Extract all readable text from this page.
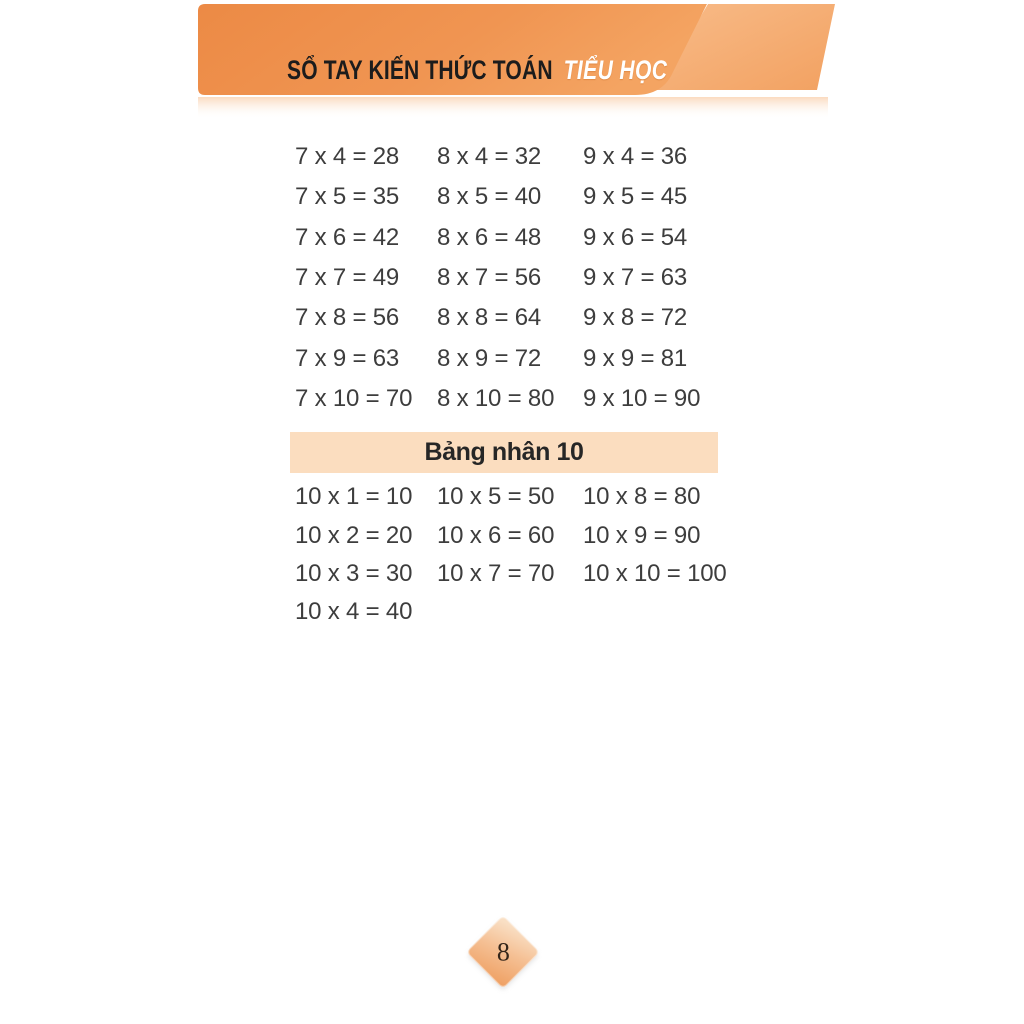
SỔ TAY KIẾN THỨC TOÁN TIỂU HỌC
7 x 4 = 28	8 x 4 = 32	9 x 4 = 36
7 x 5 = 35	8 x 5 = 40	9 x 5 = 45
7 x 6 = 42	8 x 6 = 48	9 x 6 = 54
7 x 7 = 49	8 x 7 = 56	9 x 7 = 63
7 x 8 = 56	8 x 8 = 64	9 x 8 = 72
7 x 9 = 63	8 x 9 = 72	9 x 9 = 81
7 x 10 = 70	8 x 10 = 80	9 x 10 = 90
Bảng nhân 10
10 x 1 = 10	10 x 5 = 50	10 x 8 = 80
10 x 2 = 20	10 x 6 = 60	10 x 9 = 90
10 x 3 = 30	10 x 7 = 70	10 x 10 = 100
10 x 4 = 40
8
